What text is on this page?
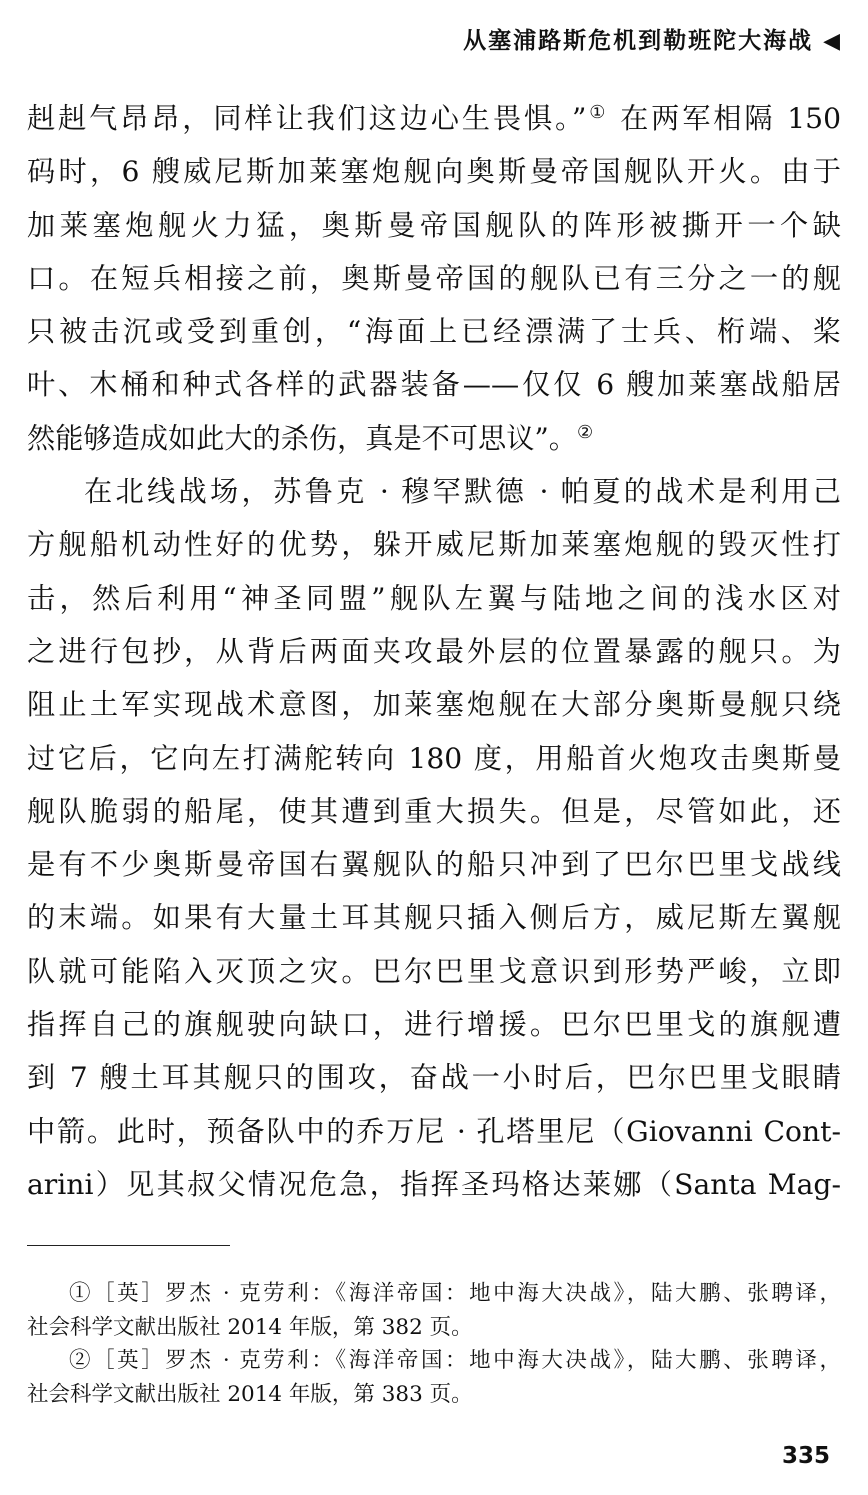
从塞浦路斯危机到勒班陀大海战 ◀
赳赳气昂昂，同样让我们这边心生畏惧。”① 在两军相隔 150
码时，6 艘威尼斯加莱塞炮舰向奥斯曼帝国舰队开火。由于
加莱塞炮舰火力猛，奥斯曼帝国舰队的阵形被撕开一个缺
口。在短兵相接之前，奥斯曼帝国的舰队已有三分之一的舰
只被击沉或受到重创，“海面上已经漂满了士兵、桁端、桨
叶、木桶和种式各样的武器装备——仅仅 6 艘加莱塞战船居
然能够造成如此大的杀伤，真是不可思议”。②
在北线战场，苏鲁克 · 穆罕默德 · 帕夏的战术是利用己
方舰船机动性好的优势，躲开威尼斯加莱塞炮舰的毁灭性打
击，然后利用“神圣同盟”舰队左翼与陆地之间的浅水区对
之进行包抄，从背后两面夹攻最外层的位置暴露的舰只。为
阻止土军实现战术意图，加莱塞炮舰在大部分奥斯曼舰只绕
过它后，它向左打满舵转向 180 度，用船首火炮攻击奥斯曼
舰队脆弱的船尾，使其遭到重大损失。但是，尽管如此，还
是有不少奥斯曼帝国右翼舰队的船只冲到了巴尔巴里戈战线
的末端。如果有大量土耳其舰只插入侧后方，威尼斯左翼舰
队就可能陷入灭顶之灾。巴尔巴里戈意识到形势严峻，立即
指挥自己的旗舰驶向缺口，进行增援。巴尔巴里戈的旗舰遭
到 7 艘土耳其舰只的围攻，奋战一小时后，巴尔巴里戈眼睛
中箭。此时，预备队中的乔万尼 · 孔塔里尼（Giovanni Cont-
arini）见其叔父情况危急，指挥圣玛格达莱娜（Santa Mag-
①［英］罗杰 · 克劳利：《海洋帝国：地中海大决战》，陆大鹏、张聘译，
社会科学文献出版社 2014 年版，第 382 页。
②［英］罗杰 · 克劳利：《海洋帝国：地中海大决战》，陆大鹏、张聘译，
社会科学文献出版社 2014 年版，第 383 页。
335
